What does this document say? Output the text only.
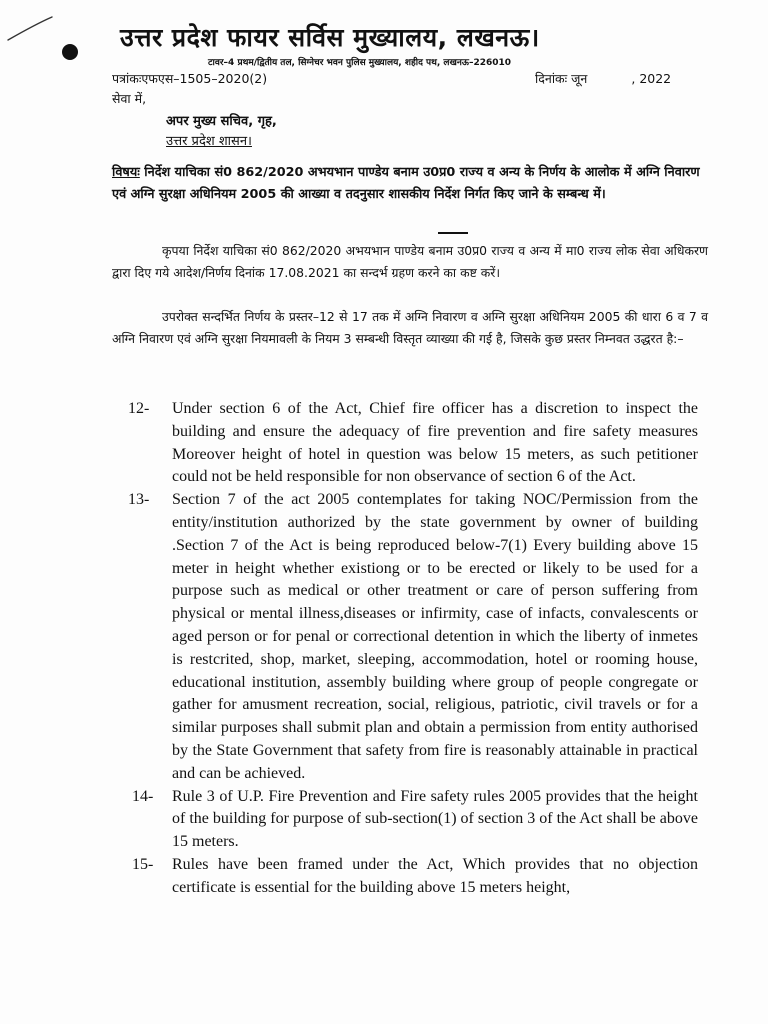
उत्तर प्रदेश फायर सर्विस मुख्यालय, लखनऊ।
टावर–4 प्रथम/द्वितीय तल, सिग्नेचर भवन पुलिस मुख्यालय, शहीद पथ, लखनऊ–226010
पत्रांकःएफएस–1505–2020(2)	दिनांकः जून	, 2022
सेवा में,
अपर मुख्य सचिव, गृह,
उत्तर प्रदेश शासन।
विषयः निर्देश याचिका सं0 862/2020 अभयभान पाण्डेय बनाम उ0प्र0 राज्य व अन्य के निर्णय के आलोक में अग्नि निवारण एवं अग्नि सुरक्षा अधिनियम 2005 की आख्या व तदनुसार शासकीय निर्देश निर्गत किए जाने के सम्बन्ध में।
कृपया निर्देश याचिका सं0 862/2020 अभयभान पाण्डेय बनाम उ0प्र0 राज्य व अन्य में मा0 राज्य लोक सेवा अधिकरण द्वारा दिए गये आदेश/निर्णय दिनांक 17.08.2021 का सन्दर्भ ग्रहण करने का कष्ट करें।
उपरोक्त सन्दर्भित निर्णय के प्रस्तर–12 से 17 तक में अग्नि निवारण व अग्नि सुरक्षा अधिनियम 2005 की धारा 6 व 7 व अग्नि निवारण एवं अग्नि सुरक्षा नियमावली के नियम 3 सम्बन्धी विस्तृत व्याख्या की गई है, जिसके कुछ प्रस्तर निम्नवत उद्धरत है:–
12- Under section 6 of the Act, Chief fire officer has a discretion to inspect the building and ensure the adequacy of fire prevention and fire safety measures Moreover height of hotel in question was below 15 meters, as such petitioner could not be held responsible for non observance of section 6 of the Act.
13- Section 7 of the act 2005 contemplates for taking NOC/Permission from the entity/institution authorized by the state government by owner of building .Section 7 of the Act is being reproduced below-7(1) Every building above 15 meter in height whether existiong or to be erected or likely to be used for a purpose such as medical or other treatment or care of person suffering from physical or mental illness,diseases or infirmity, case of infacts, convalescents or aged person or for penal or correctional detention in which the liberty of inmetes is restcrited, shop, market, sleeping, accommodation, hotel or rooming house, educational institution, assembly building where group of people congregate or gather for amusment recreation, social, religious, patriotic, civil travels or for a similar purposes shall submit plan and obtain a permission from entity authorised by the State Government that safety from fire is reasonably attainable in practical and can be achieved.
14- Rule 3 of U.P. Fire Prevention and Fire safety rules 2005 provides that the height of the building for purpose of sub-section(1) of section 3 of the Act shall be above 15 meters.
15- Rules have been framed under the Act, Which provides that no objection certificate is essential for the building above 15 meters height,
